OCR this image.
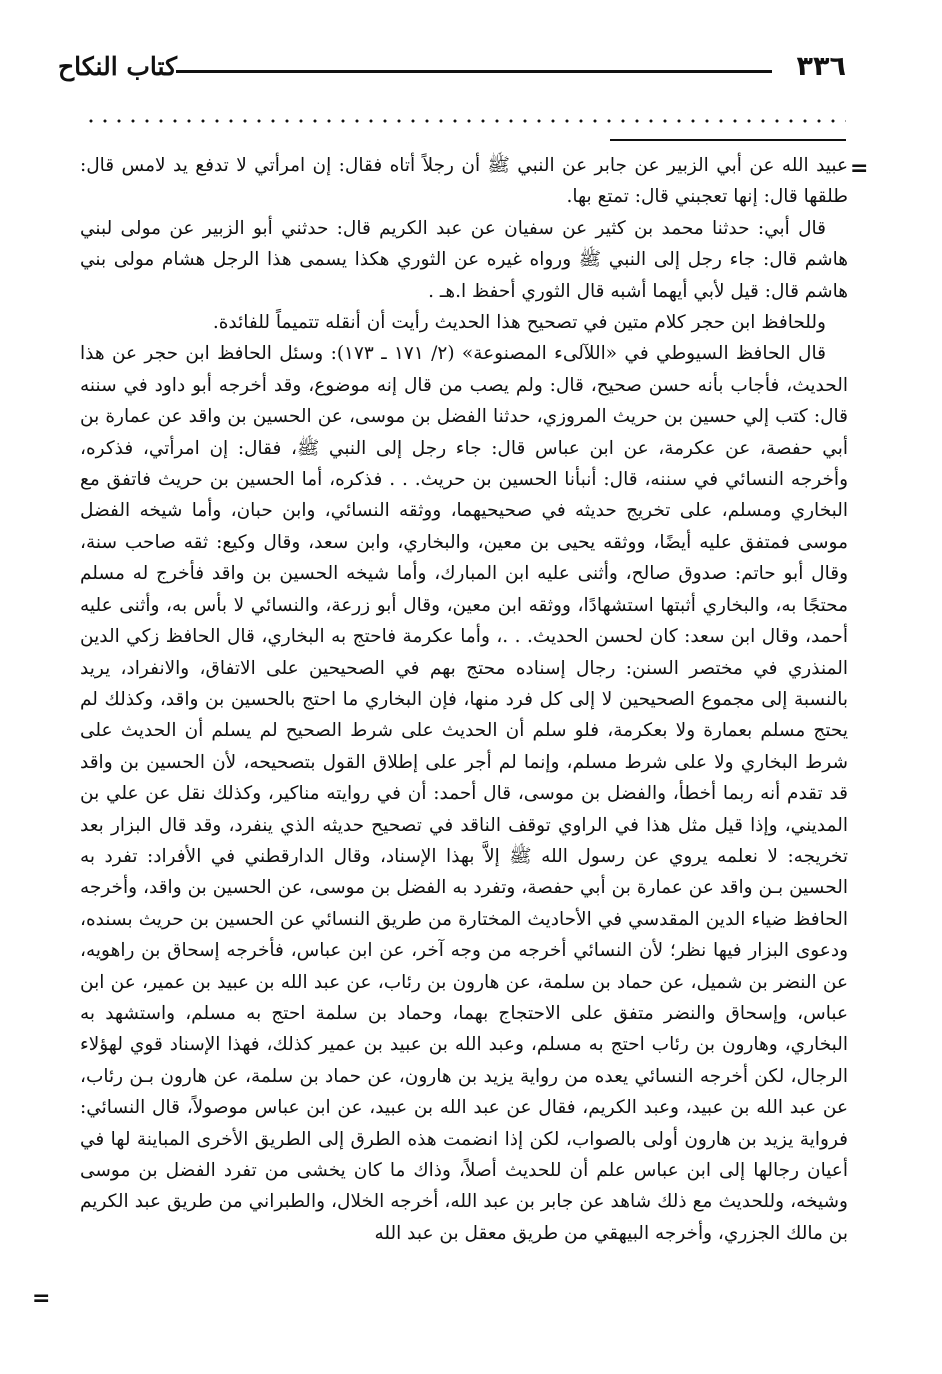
٣٣٦
كتاب النكاح
=

عبيد الله عن أبي الزبير عن جابر عن النبي ﷺ أن رجلاً أتاه فقال: إن امرأتي لا تدفع يد لامس قال: طلقها قال: إنها تعجبني قال: تمتع بها.

قال أبي: حدثنا محمد بن كثير عن سفيان عن عبد الكريم قال: حدثني أبو الزبير عن مولى لبني هاشم قال: جاء رجل إلى النبي ﷺ ورواه غيره عن الثوري هكذا يسمى هذا الرجل هشام مولى بني هاشم قال: قيل لأبي أيهما أشبه قال الثوري أحفظ ا.هـ .

وللحافظ ابن حجر كلام متين في تصحيح هذا الحديث رأيت أن أنقله تتميماً للفائدة.

قال الحافظ السيوطي في «اللآلىء المصنوعة» (٢/ ١٧١ ـ ١٧٣): وسئل الحافظ ابن حجر عن هذا الحديث، فأجاب بأنه حسن صحيح، قال: ولم يصب من قال إنه موضوع، وقد أخرجه أبو داود في سننه قال: كتب إلي حسين بن حريث المروزي، حدثنا الفضل بن موسى، عن الحسين بن واقد عن عمارة بن أبي حفصة، عن عكرمة، عن ابن عباس قال: جاء رجل إلى النبي ﷺ، فقال: إن امرأتي، فذكره، وأخرجه النسائي في سننه، قال: أنبأنا الحسين بن حريث. . . فذكره، أما الحسين بن حريث فاتفق مع البخاري ومسلم، على تخريج حديثه في صحيحيهما، ووثقه النسائي، وابن حبان، وأما شيخه الفضل موسى فمتفق عليه أيضًا، ووثقه يحيى بن معين، والبخاري، وابن سعد، وقال وكيع: ثقه صاحب سنة، وقال أبو حاتم: صدوق صالح، وأثنى عليه ابن المبارك، وأما شيخه الحسين بن واقد فأخرج له مسلم محتجًا به، والبخاري أثبتها استشهادًا، ووثقه ابن معين، وقال أبو زرعة، والنسائي لا بأس به، وأثنى عليه أحمد، وقال ابن سعد: كان لحسن الحديث. . .، وأما عكرمة فاحتج به البخاري، قال الحافظ زكي الدين المنذري في مختصر السنن: رجال إسناده محتج بهم في الصحيحين على الاتفاق، والانفراد، يريد بالنسبة إلى مجموع الصحيحين لا إلى كل فرد منها، فإن البخاري ما احتج بالحسين بن واقد، وكذلك لم يحتج مسلم بعمارة ولا بعكرمة، فلو سلم أن الحديث على شرط الصحيح لم يسلم أن الحديث على شرط البخاري ولا على شرط مسلم، وإنما لم أجر على إطلاق القول بتصحيحه، لأن الحسين بن واقد قد تقدم أنه ربما أخطأ، والفضل بن موسى، قال أحمد: أن في روايته مناكير، وكذلك نقل عن علي بن المديني، وإذا قيل مثل هذا في الراوي توقف الناقد في تصحيح حديثه الذي ينفرد، وقد قال البزار بعد تخريجه: لا نعلمه يروي عن رسول الله ﷺ إلاَّ بهذا الإسناد، وقال الدارقطني في الأفراد: تفرد به الحسين بـن واقد عن عمارة بن أبي حفصة، وتفرد به الفضل بن موسى، عن الحسين بن واقد، وأخرجه الحافظ ضياء الدين المقدسي في الأحاديث المختارة من طريق النسائي عن الحسين بن حريث بسنده، ودعوى البزار فيها نظر؛ لأن النسائي أخرجه من وجه آخر، عن ابن عباس، فأخرجه إسحاق بن راهويه، عن النضر بن شميل، عن حماد بن سلمة، عن هارون بن رئاب، عن عبد الله بن عبيد بن عمير، عن ابن عباس، وإسحاق والنضر متفق على الاحتجاج بهما، وحماد بن سلمة احتج به مسلم، واستشهد به البخاري، وهارون بن رئاب احتج به مسلم، وعبد الله بن عبيد بن عمير كذلك، فهذا الإسناد قوي لهؤلاء الرجال، لكن أخرجه النسائي يعده من رواية يزيد بن هارون، عن حماد بن سلمة، عن هارون بـن رئاب، عن عبد الله بن عبيد، وعبد الكريم، فقال عن عبد الله بن عبيد، عن ابن عباس موصولاً، قال النسائي: فرواية يزيد بن هارون أولى بالصواب، لكن إذا انضمت هذه الطرق إلى الطريق الأخرى المباينة لها في أعيان رجالها إلى ابن عباس علم أن للحديث أصلاً، وذاك ما كان يخشى من تفرد الفضل بن موسى وشيخه، وللحديث مع ذلك شاهد عن جابر بن عبد الله، أخرجه الخلال، والطبراني من طريق عبد الكريم بن مالك الجزري، وأخرجه البيهقي من طريق معقل بن عبد الله

=
